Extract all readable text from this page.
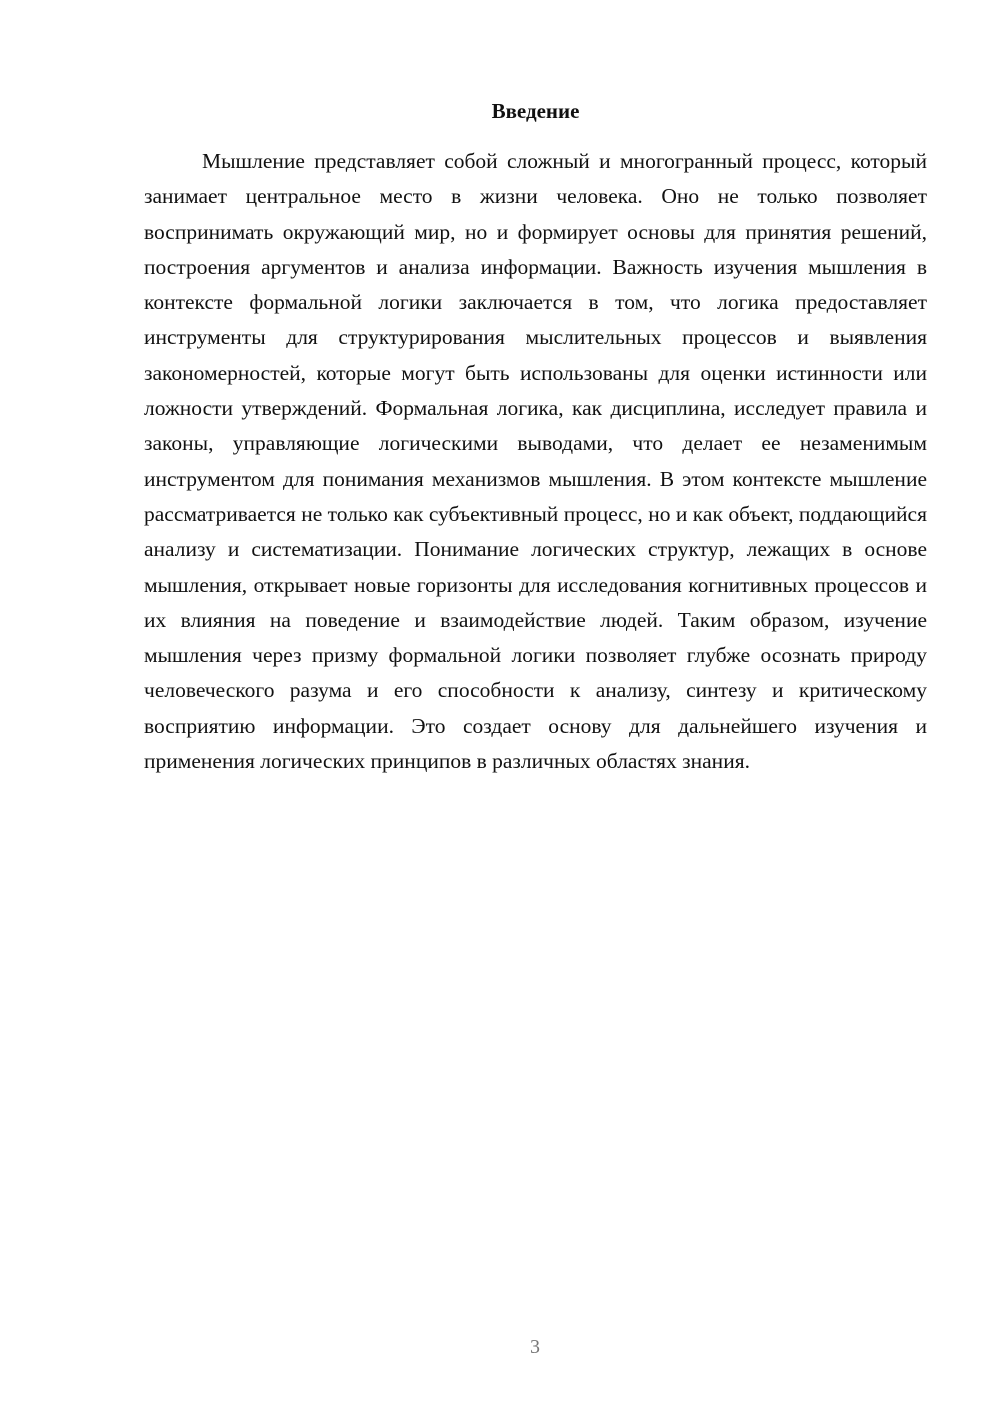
Введение

Мышление представляет собой сложный и многогранный процесс, который занимает центральное место в жизни человека. Оно не только позволяет воспринимать окружающий мир, но и формирует основы для принятия решений, построения аргументов и анализа информации. Важность изучения мышления в контексте формальной логики заключается в том, что логика предоставляет инструменты для структурирования мыслительных процессов и выявления закономерностей, которые могут быть использованы для оценки истинности или ложности утверждений. Формальная логика, как дисциплина, исследует правила и законы, управляющие логическими выводами, что делает ее незаменимым инструментом для понимания механизмов мышления. В этом контексте мышление рассматривается не только как субъективный процесс, но и как объект, поддающийся анализу и систематизации. Понимание логических структур, лежащих в основе мышления, открывает новые горизонты для исследования когнитивных процессов и их влияния на поведение и взаимодействие людей. Таким образом, изучение мышления через призму формальной логики позволяет глубже осознать природу человеческого разума и его способности к анализу, синтезу и критическому восприятию информации. Это создает основу для дальнейшего изучения и применения логических принципов в различных областях знания.

3
